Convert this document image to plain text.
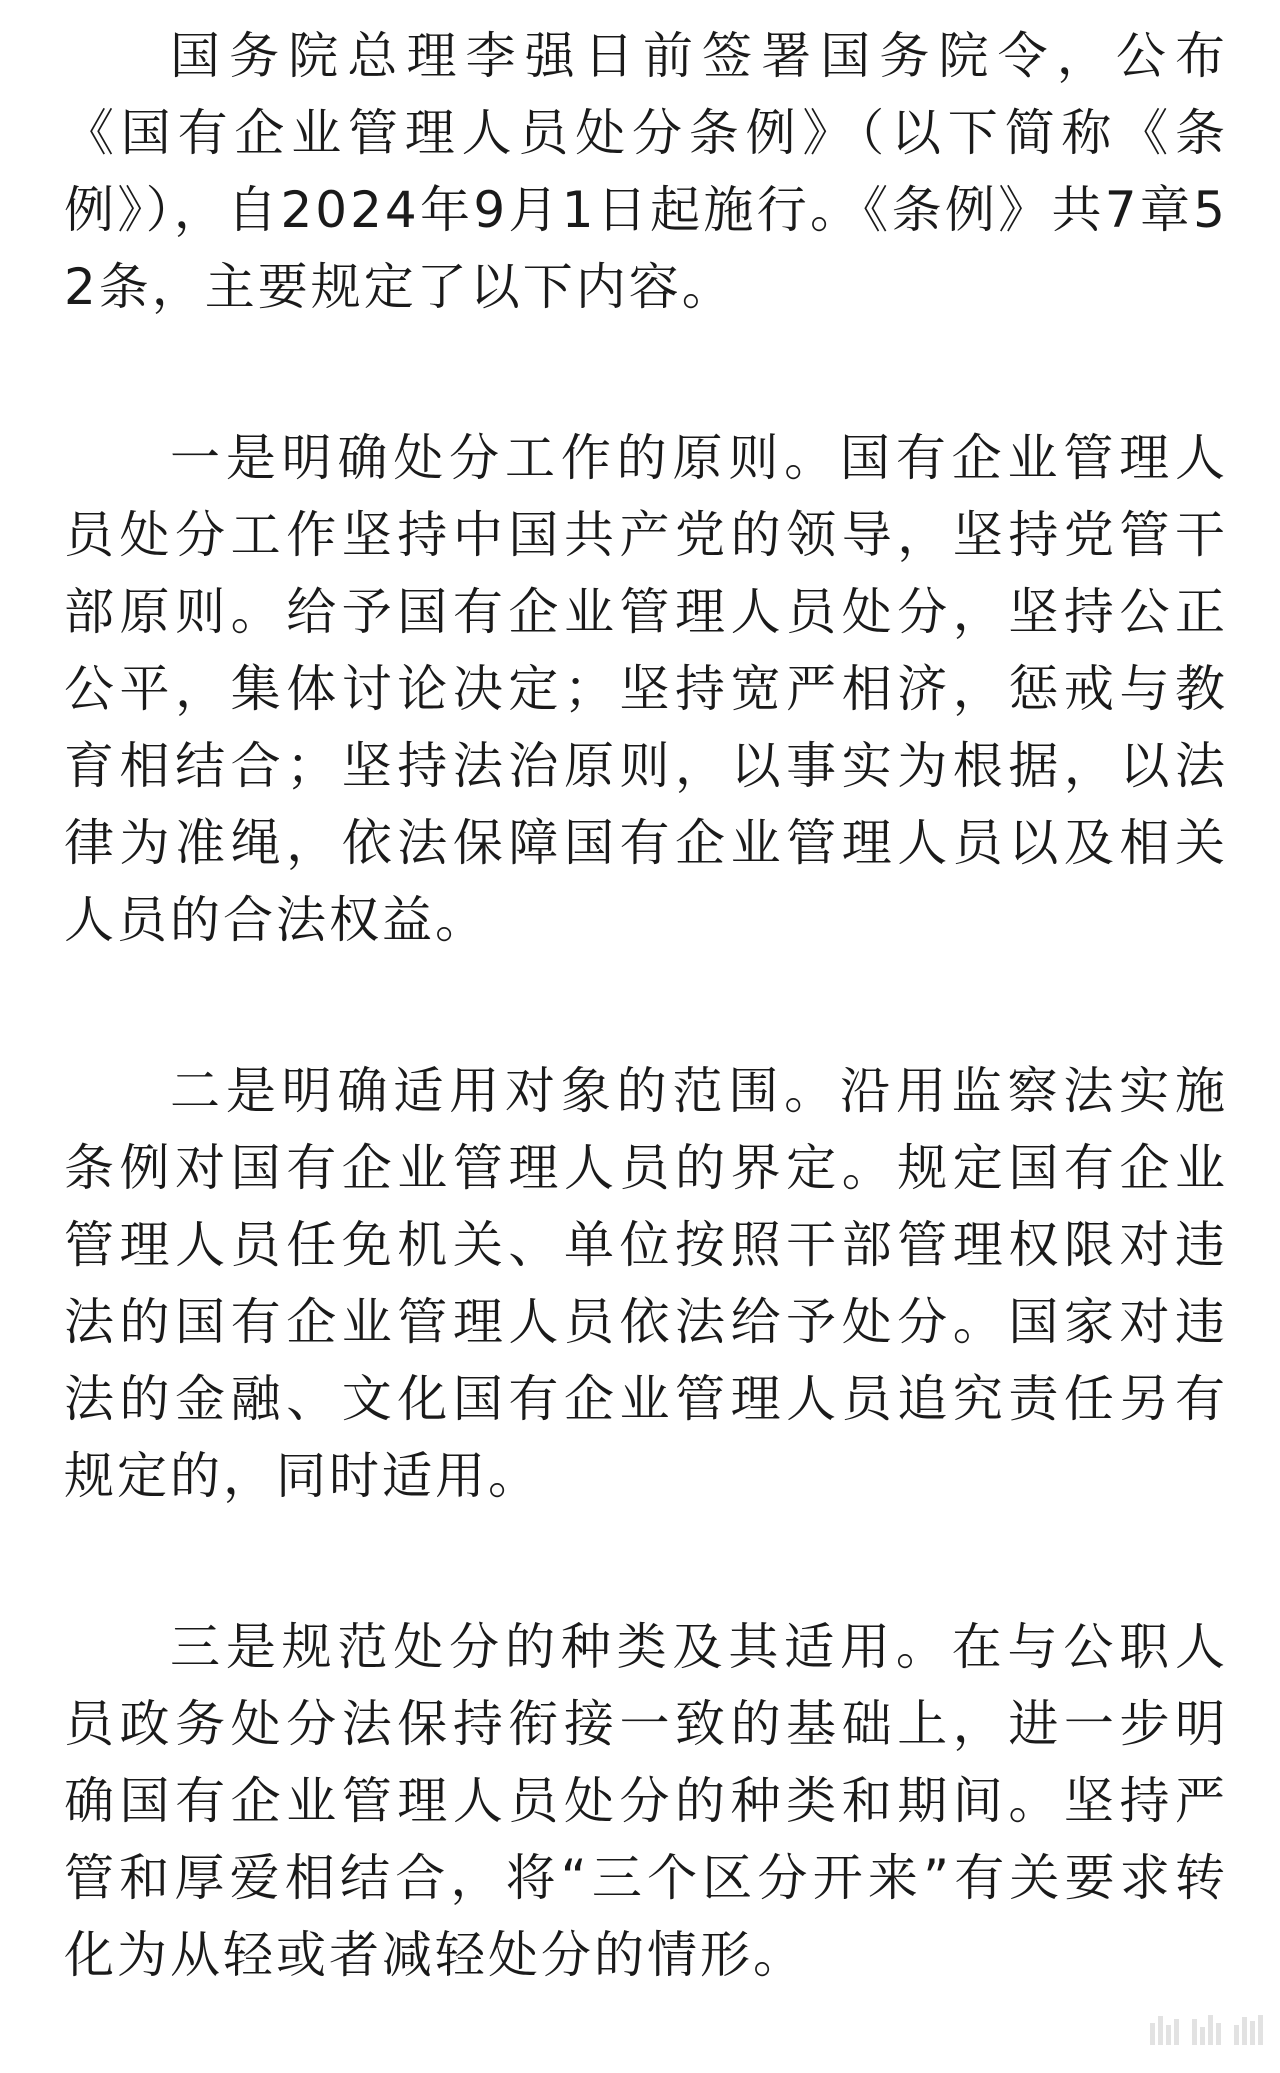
国务院总理李强日前签署国务院令，公布《国有企业管理人员处分条例》（以下简称《条例》），自2024年9月1日起施行。《条例》共7章52条，主要规定了以下内容。

一是明确处分工作的原则。国有企业管理人员处分工作坚持中国共产党的领导，坚持党管干部原则。给予国有企业管理人员处分，坚持公正公平，集体讨论决定；坚持宽严相济，惩戒与教育相结合；坚持法治原则，以事实为根据，以法律为准绳，依法保障国有企业管理人员以及相关人员的合法权益。

二是明确适用对象的范围。沿用监察法实施条例对国有企业管理人员的界定。规定国有企业管理人员任免机关、单位按照干部管理权限对违法的国有企业管理人员依法给予处分。国家对违法的金融、文化国有企业管理人员追究责任另有规定的，同时适用。

三是规范处分的种类及其适用。在与公职人员政务处分法保持衔接一致的基础上，进一步明确国有企业管理人员处分的种类和期间。坚持严管和厚爱相结合，将“三个区分开来”有关要求转化为从轻或者减轻处分的情形。
